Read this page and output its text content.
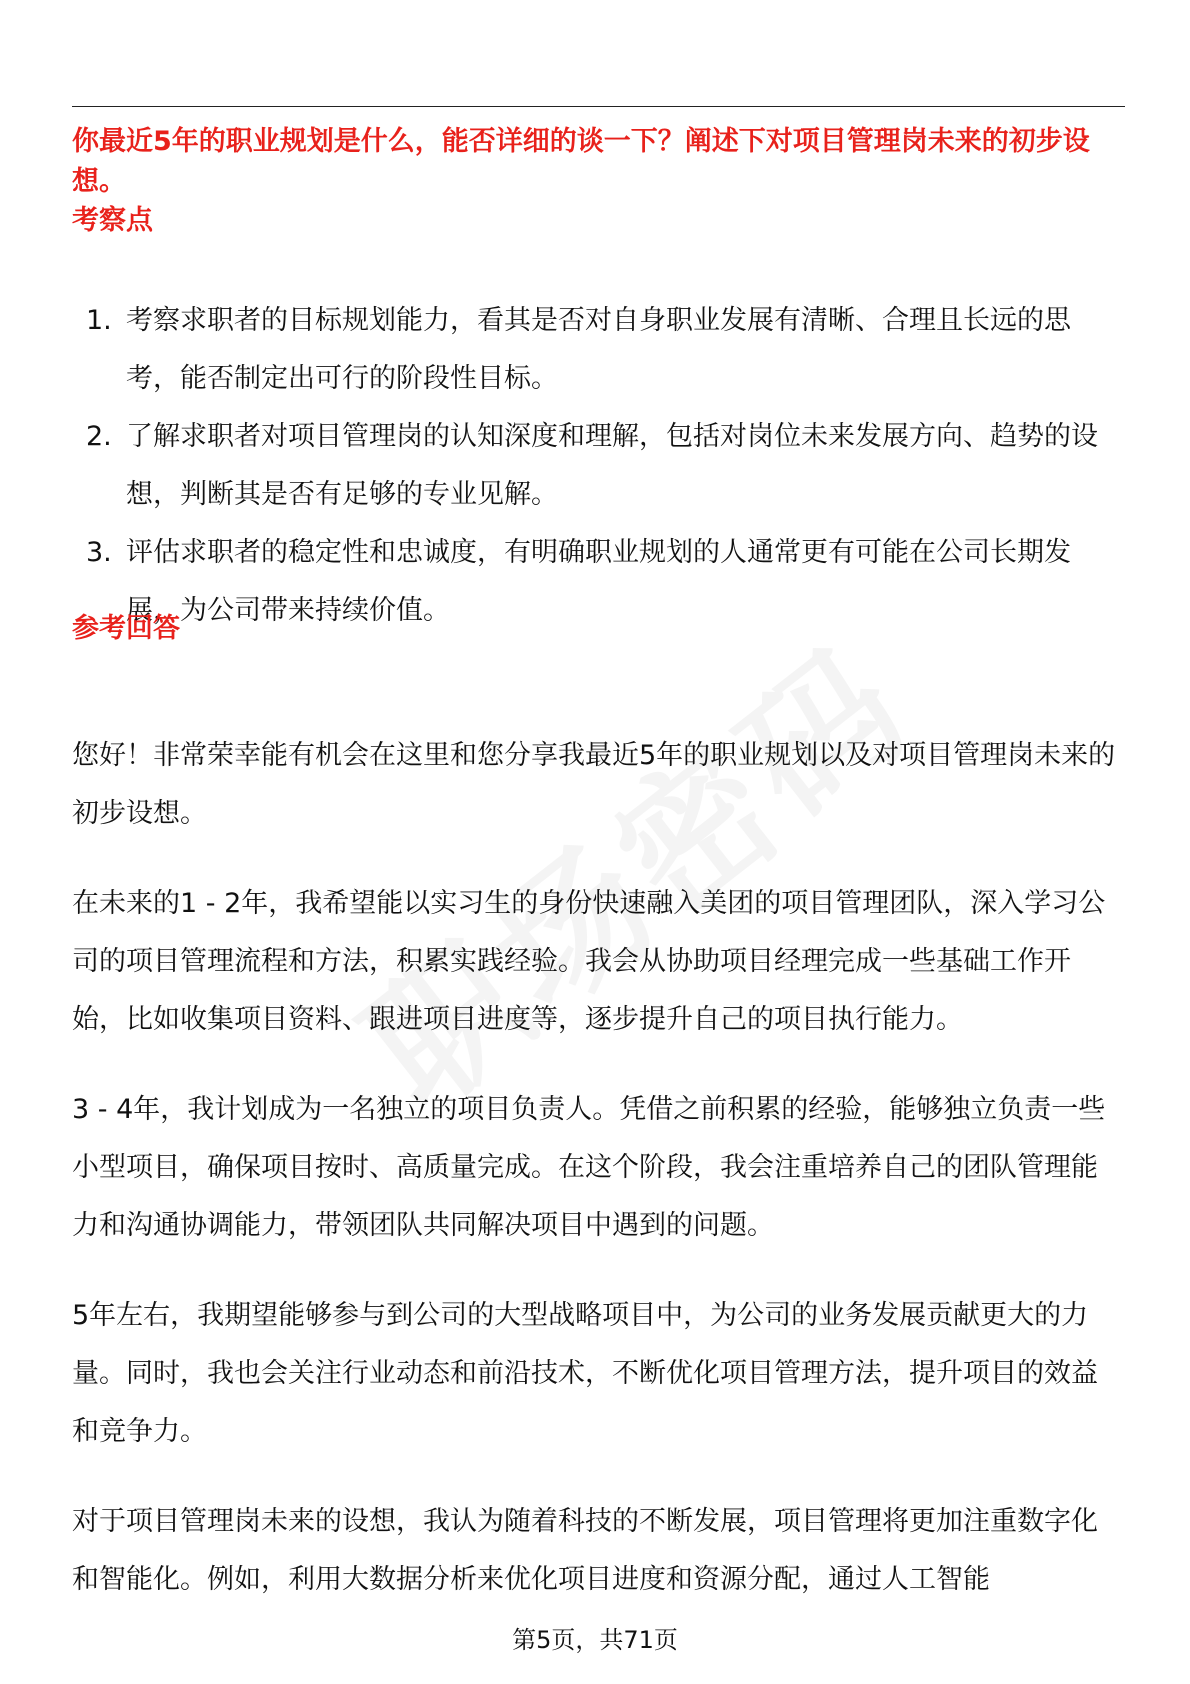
你最近5年的职业规划是什么，能否详细的谈一下？阐述下对项目管理岗未来的初步设想。
考察点
1. 考察求职者的目标规划能力，看其是否对自身职业发展有清晰、合理且长远的思考，能否制定出可行的阶段性目标。
2. 了解求职者对项目管理岗的认知深度和理解，包括对岗位未来发展方向、趋势的设想，判断其是否有足够的专业见解。
3. 评估求职者的稳定性和忠诚度，有明确职业规划的人通常更有可能在公司长期发展，为公司带来持续价值。
参考回答

您好！非常荣幸能有机会在这里和您分享我最近5年的职业规划以及对项目管理岗未来的初步设想。

在未来的1 - 2年，我希望能以实习生的身份快速融入美团的项目管理团队，深入学习公司的项目管理流程和方法，积累实践经验。我会从协助项目经理完成一些基础工作开始，比如收集项目资料、跟进项目进度等，逐步提升自己的项目执行能力。

3 - 4年，我计划成为一名独立的项目负责人。凭借之前积累的经验，能够独立负责一些小型项目，确保项目按时、高质量完成。在这个阶段，我会注重培养自己的团队管理能力和沟通协调能力，带领团队共同解决项目中遇到的问题。

5年左右，我期望能够参与到公司的大型战略项目中，为公司的业务发展贡献更大的力量。同时，我也会关注行业动态和前沿技术，不断优化项目管理方法，提升项目的效益和竞争力。

对于项目管理岗未来的设想，我认为随着科技的不断发展，项目管理将更加注重数字化和智能化。例如，利用大数据分析来优化项目进度和资源分配，通过人工智能

第5页，共71页
